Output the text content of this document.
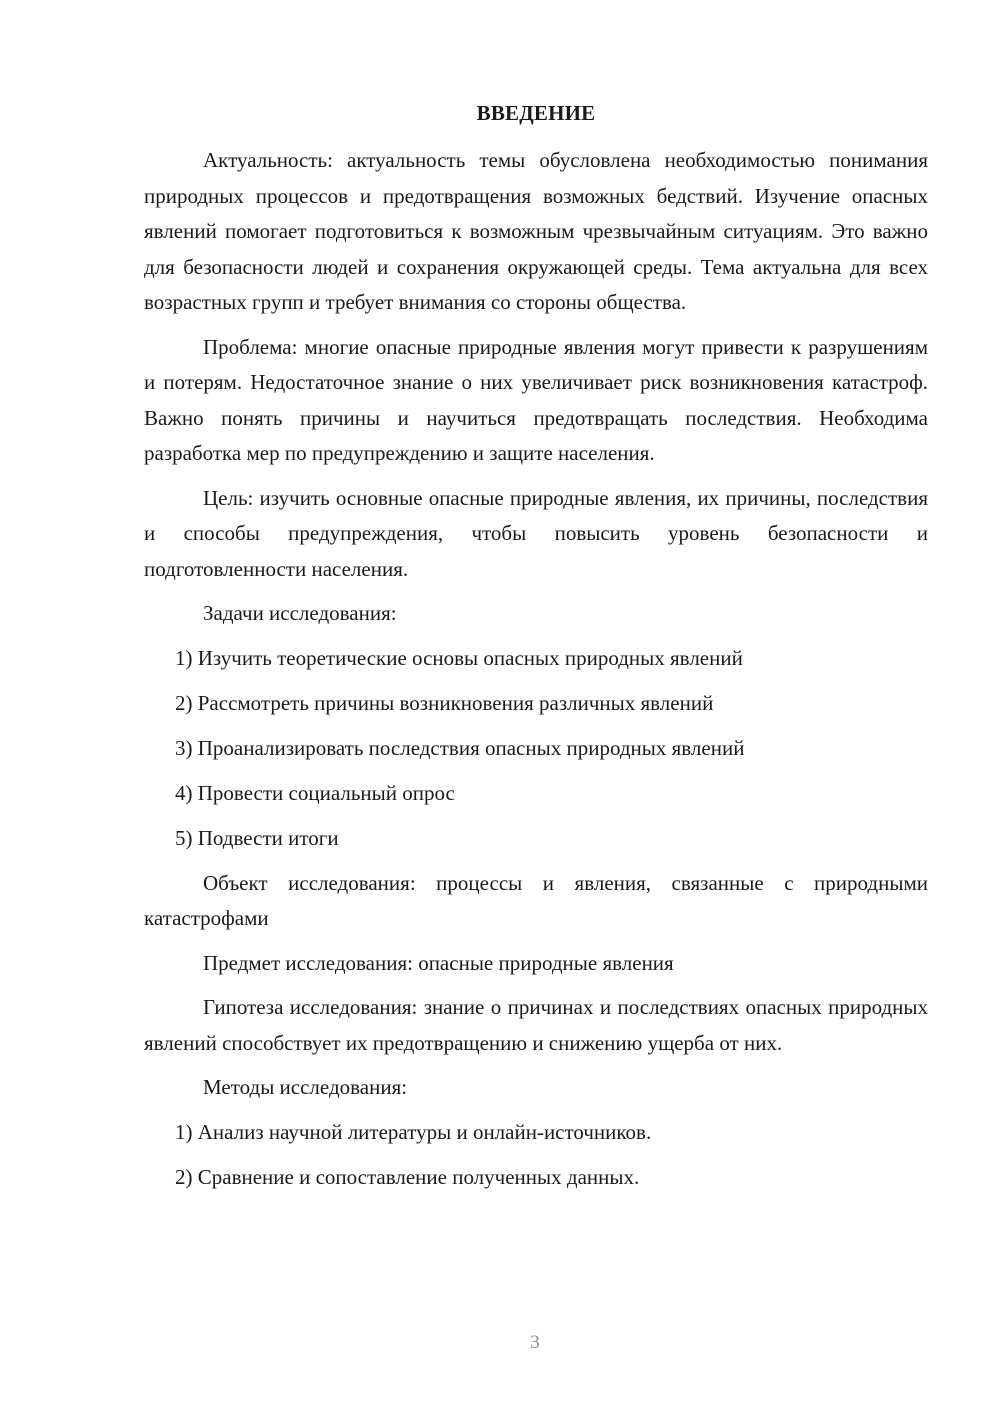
ВВЕДЕНИЕ

Актуальность: актуальность темы обусловлена необходимостью понимания природных процессов и предотвращения возможных бедствий. Изучение опасных явлений помогает подготовиться к возможным чрезвычайным ситуациям. Это важно для безопасности людей и сохранения окружающей среды. Тема актуальна для всех возрастных групп и требует внимания со стороны общества.

Проблема: многие опасные природные явления могут привести к разрушениям и потерям. Недостаточное знание о них увеличивает риск возникновения катастроф. Важно понять причины и научиться предотвращать последствия. Необходима разработка мер по предупреждению и защите населения.

Цель: изучить основные опасные природные явления, их причины, последствия и способы предупреждения, чтобы повысить уровень безопасности и подготовленности населения.

Задачи исследования:

1) Изучить теоретические основы опасных природных явлений
2) Рассмотреть причины возникновения различных явлений
3) Проанализировать последствия опасных природных явлений
4) Провести социальный опрос
5) Подвести итоги

Объект исследования: процессы и явления, связанные с природными катастрофами

Предмет исследования: опасные природные явления

Гипотеза исследования: знание о причинах и последствиях опасных природных явлений способствует их предотвращению и снижению ущерба от них.

Методы исследования:

1) Анализ научной литературы и онлайн-источников.
2) Сравнение и сопоставление полученных данных.
3
